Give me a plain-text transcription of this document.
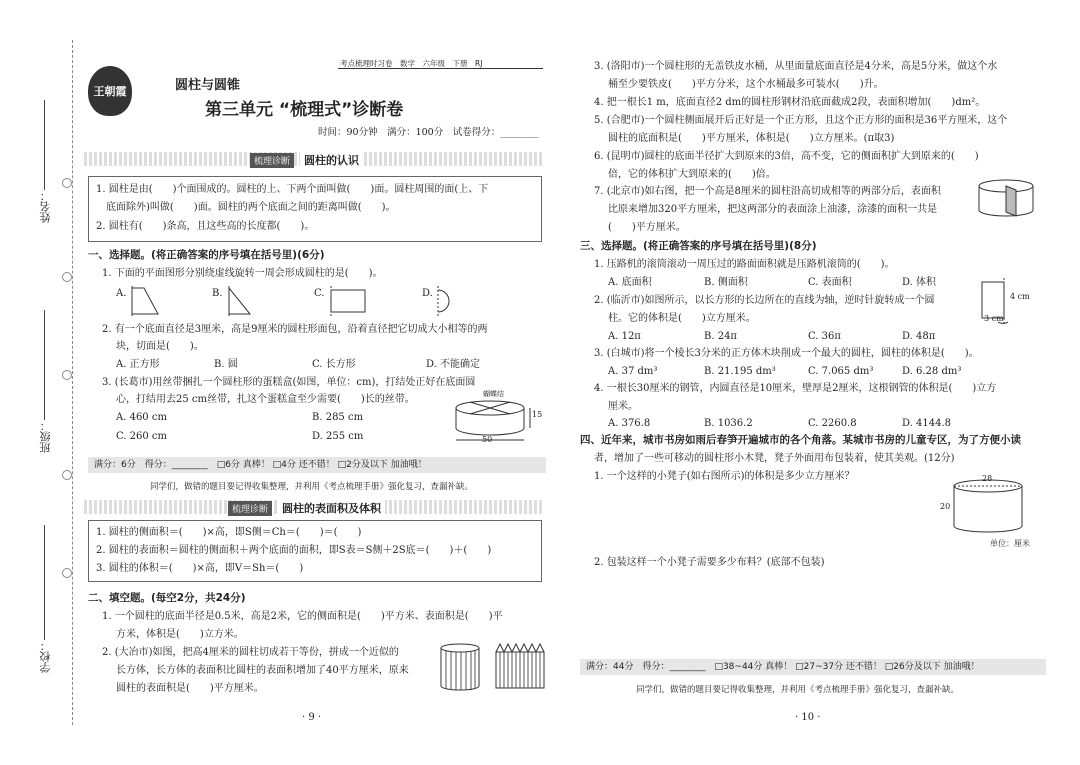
姓名：
班级：
学校：
王朝霞	圆柱与圆锥
考点梳理时习卷　 数学　 六年级　 下册　 RJ
第三单元 “梳理式”诊断卷
时间：90分钟　满分：100分　试卷得分：________
梳理诊断	圆柱的认识
1. 圆柱是由(　　)个面围成的。圆柱的上、下两个面叫做(　　)面。圆柱周围的面(上、下
底面除外)叫做(　　)面。圆柱的两个底面之间的距离叫做(　　)。
2. 圆柱有(　　)条高，且这些高的长度都(　　)。
一、选择题。(将正确答案的序号填在括号里)(6分)
1. 下面的平面图形分别绕虚线旋转一周会形成圆柱的是(　　)。
A.	B.	C.	D.
2. 有一个底面直径是3厘米，高是9厘米的圆柱形面包，沿着直径把它切成大小相等的两
块，切面是(　　)。
A. 正方形	B. 圆	C. 长方形	D. 不能确定
3. (长葛市)用丝带捆扎一个圆柱形的蛋糕盒(如图，单位：cm)，打结处正好在底面圆
心，打结用去25 cm丝带，扎这个蛋糕盒至少需要(　　)长的丝带。
A. 460 cm	B. 285 cm
C. 260 cm	D. 255 cm
蝴蝶结
15
50
满分：6分　得分：________　□6分 真棒！ □4分 还不错！ □2分及以下 加油哦！
同学们，做错的题目要记得收集整理，并利用《考点梳理手册》强化复习，查漏补缺。
梳理诊断	圆柱的表面积及体积
1. 圆柱的侧面积＝(　　)×高，即S侧＝Ch＝(　　)＝(　　)
2. 圆柱的表面积＝圆柱的侧面积＋两个底面的面积，即S表＝S侧＋2S底＝(　　)＋(　　)
3. 圆柱的体积＝(　　)×高，即V＝Sh＝(　　)
二、填空题。(每空2分，共24分)
1. 一个圆柱的底面半径是0.5米，高是2米，它的侧面积是(　　)平方米、表面积是(　　)平
方米，体积是(　　)立方米。
2. (大冶市)如图，把高4厘米的圆柱切成若干等份，拼成一个近似的
长方体，长方体的表面积比圆柱的表面积增加了40平方厘米，原来
圆柱的表面积是(　　)平方厘米。
· 9 ·
3. (洛阳市)一个圆柱形的无盖铁皮水桶，从里面量底面直径是4分米，高是5分米，做这个水
桶至少要铁皮(　　)平方分米，这个水桶最多可装水(　　)升。
4. 把一根长1 m，底面直径2 dm的圆柱形钢材沿底面截成2段，表面积增加(　　)dm²。
5. (合肥市)一个圆柱侧面展开后正好是一个正方形，且这个正方形的面积是36平方厘米，这个
圆柱的底面积是(　　)平方厘米，体积是(　　)立方厘米。(π取3)
6. (昆明市)圆柱的底面半径扩大到原来的3倍，高不变，它的侧面积扩大到原来的(　　)
倍，它的体积扩大到原来的(　　)倍。
7. (北京市)如右图，把一个高是8厘米的圆柱沿高切成相等的两部分后，表面积
比原来增加320平方厘米，把这两部分的表面涂上油漆，涂漆的面积一共是
(　　)平方厘米。
三、选择题。(将正确答案的序号填在括号里)(8分)
1. 压路机的滚筒滚动一周压过的路面面积就是压路机滚筒的(　　)。
A. 底面积	B. 侧面积	C. 表面积	D. 体积
2. (临沂市)如图所示，以长方形的长边所在的直线为轴，逆时针旋转成一个圆
柱。它的体积是(　　)立方厘米。
A. 12π	B. 24π	C. 36π	D. 48π
4 cm
3 cm
3. (白城市)将一个棱长3分米的正方体木块削成一个最大的圆柱，圆柱的体积是(　　)。
A. 37 dm³	B. 21.195 dm³	C. 7.065 dm³	D. 6.28 dm³
4. 一根长30厘米的钢管，内圆直径是10厘米，壁厚是2厘米，这根钢管的体积是(　　)立方
厘米。
A. 376.8	B. 1036.2	C. 2260.8	D. 4144.8
四、近年来，城市书房如雨后春笋开遍城市的各个角落。某城市书房的儿童专区，为了方便小读
者，增加了一些可移动的圆柱形小木凳，凳子外面用布包装着，使其美观。(12分)
1. 一个这样的小凳子(如右图所示)的体积是多少立方厘米？	28
20
单位：厘米
2. 包装这样一个小凳子需要多少布料？(底部不包装)
满分：44分　得分：________　□38~44分 真棒！ □27~37分 还不错！ □26分及以下 加油哦！
同学们，做错的题目要记得收集整理，并利用《考点梳理手册》强化复习，查漏补缺。
· 10 ·
